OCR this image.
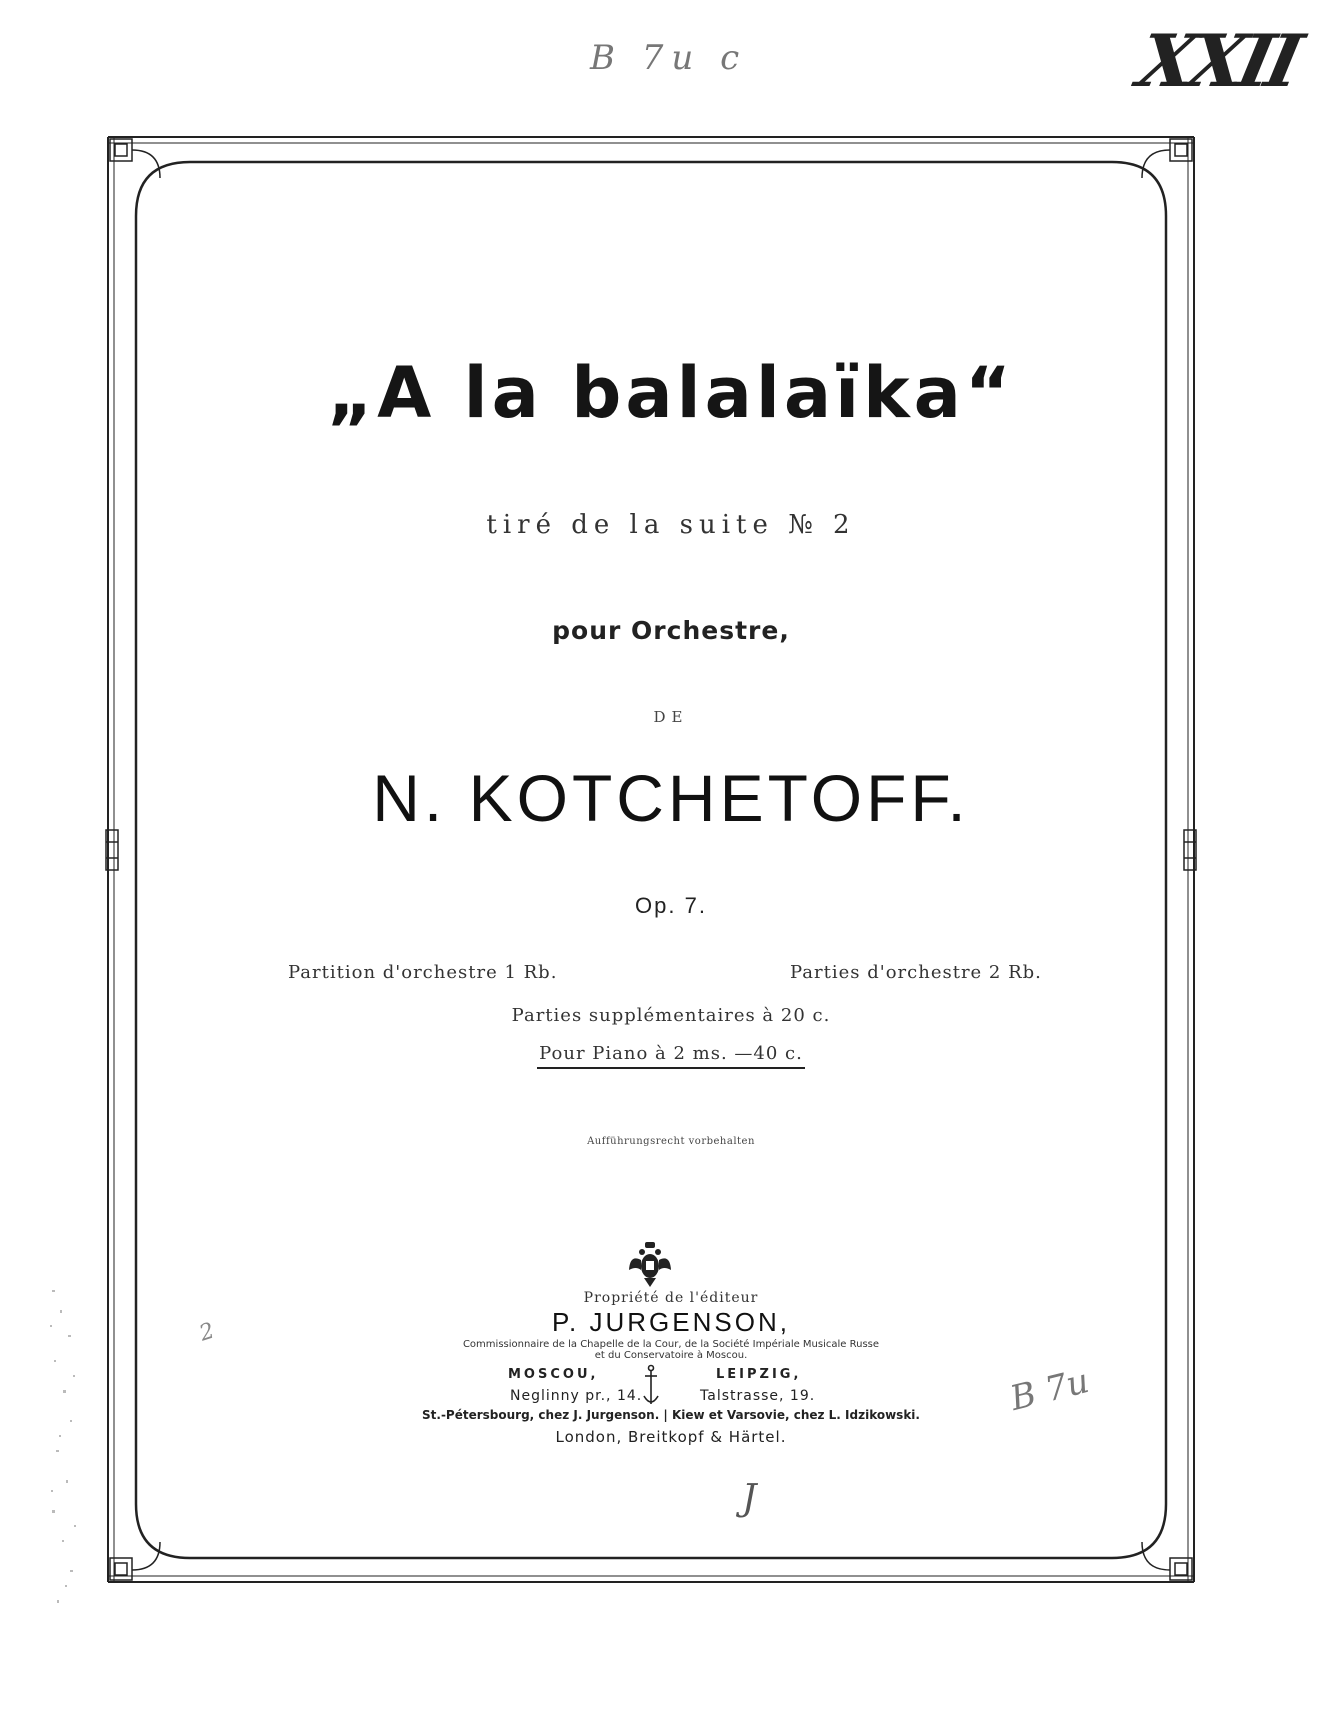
B 7u c	XXII
2
B 7u
J
„A la balalaïka“
tiré de la suite № 2
pour Orchestre,
DE
N. KOTCHETOFF.
Op. 7.
Partition d'orchestre 1 Rb.	Parties d'orchestre 2 Rb.
Parties supplémentaires à 20 c.
Pour Piano à 2 ms. —40 c.
Aufführungsrecht vorbehalten
Propriété de l'éditeur
P. JURGENSON,
Commissionnaire de la Chapelle de la Cour, de la Société Impériale Musicale Russe
et du Conservatoire à Moscou.
MOSCOU,	LEIPZIG,
Neglinny pr., 14.	Talstrasse, 19.
St.-Pétersbourg, chez J. Jurgenson. | Kiew et Varsovie, chez L. Idzikowski.
London, Breitkopf & Härtel.
